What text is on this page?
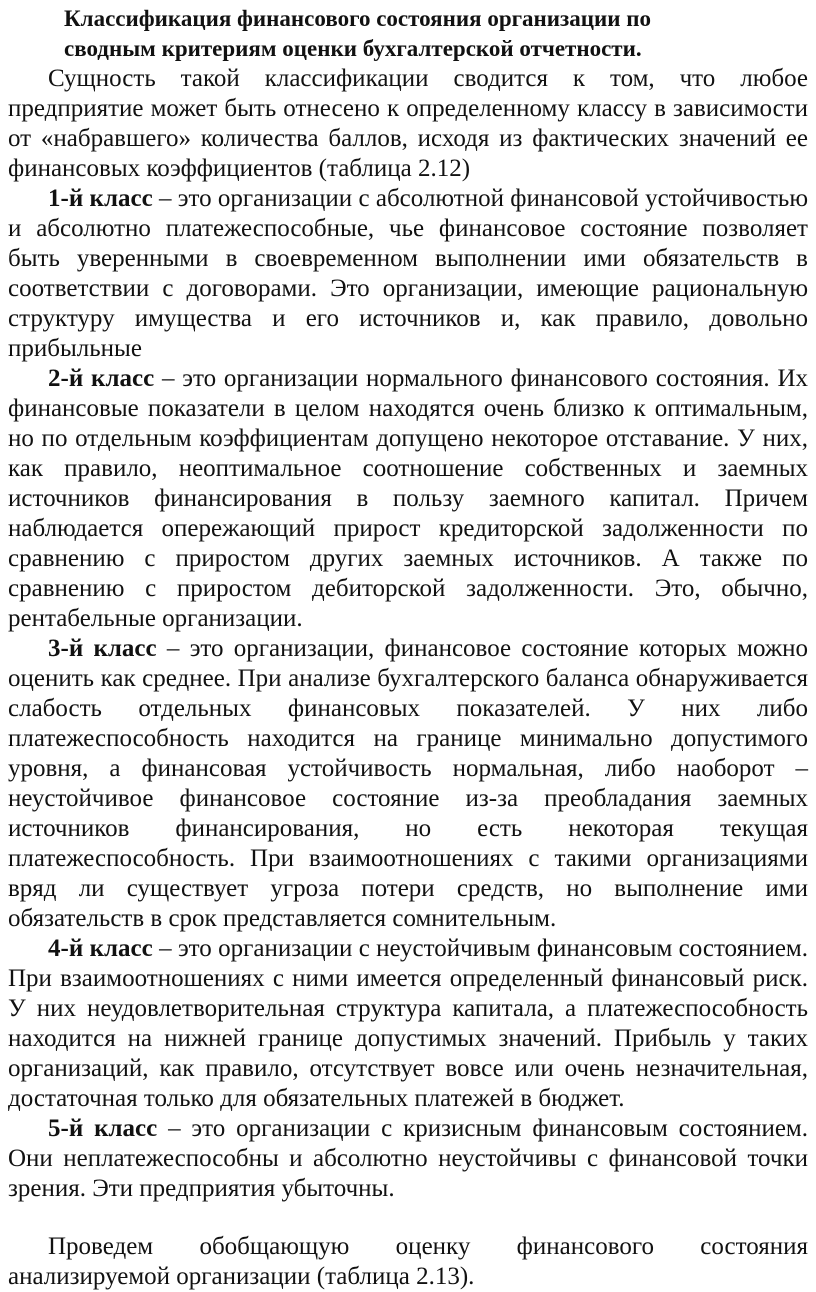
Классификация финансового состояния организации по
сводным критериям оценки бухгалтерской отчетности.

Сущность такой классификации сводится к том, что любое предприятие может быть отнесено к определенному классу в зависимости от «набравшего» количества баллов, исходя из фактических значений ее финансовых коэффициентов (таблица 2.12)

1-й класс – это организации с абсолютной финансовой устойчивостью и абсолютно платежеспособные, чье финансовое состояние позволяет быть уверенными в своевременном выполнении ими обязательств в соответствии с договорами. Это организации, имеющие рациональную структуру имущества и его источников и, как правило, довольно прибыльные

2-й класс – это организации нормального финансового состояния. Их финансовые показатели в целом находятся очень близко к оптимальным, но по отдельным коэффициентам допущено некоторое отставание. У них, как правило, неоптимальное соотношение собственных и заемных источников финансирования в пользу заемного капитал. Причем наблюдается опережающий прирост кредиторской задолженности по сравнению с приростом других заемных источников. А также по сравнению с приростом дебиторской задолженности. Это, обычно, рентабельные организации.

3-й класс – это организации, финансовое состояние которых можно оценить как среднее. При анализе бухгалтерского баланса обнаруживается слабость отдельных финансовых показателей. У них либо платежеспособность находится на границе минимально допустимого уровня, а финансовая устойчивость нормальная, либо наоборот – неустойчивое финансовое состояние из-за преобладания заемных источников финансирования, но есть некоторая текущая платежеспособность. При взаимоотношениях с такими организациями вряд ли существует угроза потери средств, но выполнение ими обязательств в срок представляется сомнительным.

4-й класс – это организации с неустойчивым финансовым состоянием. При взаимоотношениях с ними имеется определенный финансовый риск. У них неудовлетворительная структура капитала, а платежеспособность находится на нижней границе допустимых значений. Прибыль у таких организаций, как правило, отсутствует вовсе или очень незначительная, достаточная только для обязательных платежей в бюджет.

5-й класс – это организации с кризисным финансовым состоянием. Они неплатежеспособны и абсолютно неустойчивы с финансовой точки зрения. Эти предприятия убыточны.

Проведем обобщающую оценку финансового состояния анализируемой организации (таблица 2.13).
